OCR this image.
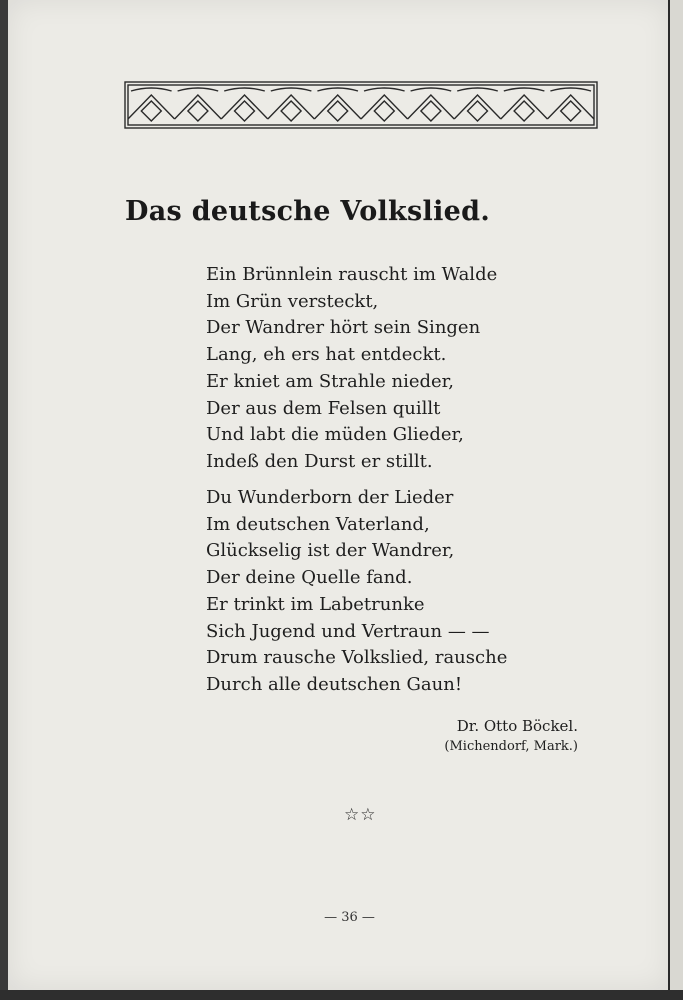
Das deutsche Volkslied.
Ein Brünnlein rauscht im Walde
Im Grün versteckt,
Der Wandrer hört sein Singen
Lang, eh ers hat entdeckt.
Er kniet am Strahle nieder,
Der aus dem Felsen quillt
Und labt die müden Glieder,
Indeß den Durst er stillt.
Du Wunderborn der Lieder
Im deutschen Vaterland,
Glückselig ist der Wandrer,
Der deine Quelle fand.
Er trinkt im Labetrunke
Sich Jugend und Vertraun — —
Drum rausche Volkslied, rausche
Durch alle deutschen Gaun!
Dr. Otto Böckel.
(Michendorf, Mark.)
☆☆
— 36 —
